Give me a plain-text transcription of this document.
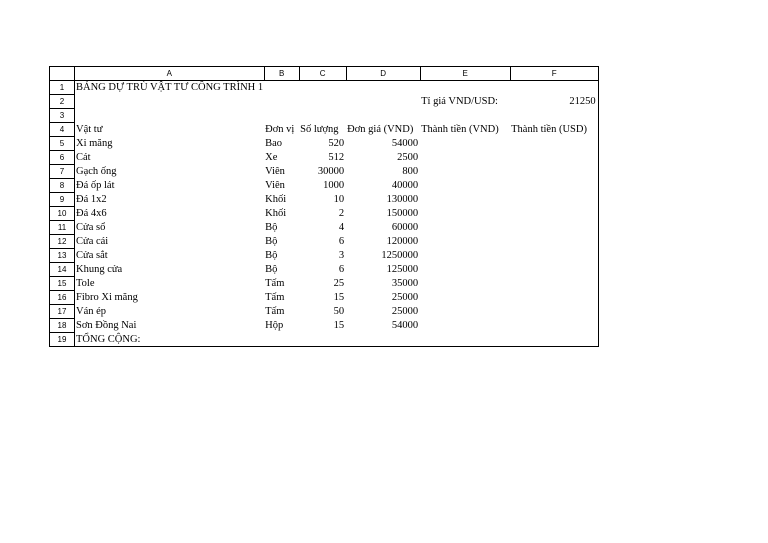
	A	B	C	D	E	F
1	BẢNG DỰ TRÙ VẬT TƯ CÔNG TRÌNH 1					
2					Tỉ giá VND/USD:	21250
3						
4	Vật tư	Đơn vị	Số lượng	Đơn giá (VND)	Thành tiền (VND)	Thành tiền (USD)
5	Xi măng	Bao	520	54000		
6	Cát	Xe	512	2500		
7	Gạch ống	Viên	30000	800		
8	Đá ốp lát	Viên	1000	40000		
9	Đá 1x2	Khối	10	130000		
10	Đá 4x6	Khối	2	150000		
11	Cửa sổ	Bộ	4	60000		
12	Cửa cái	Bộ	6	120000		
13	Cửa sắt	Bộ	3	1250000		
14	Khung cửa	Bộ	6	125000		
15	Tole	Tấm	25	35000		
16	Fibro Xi măng	Tấm	15	25000		
17	Ván ép	Tấm	50	25000		
18	Sơn Đồng Nai	Hộp	15	54000		
19	TỔNG CỘNG:					
